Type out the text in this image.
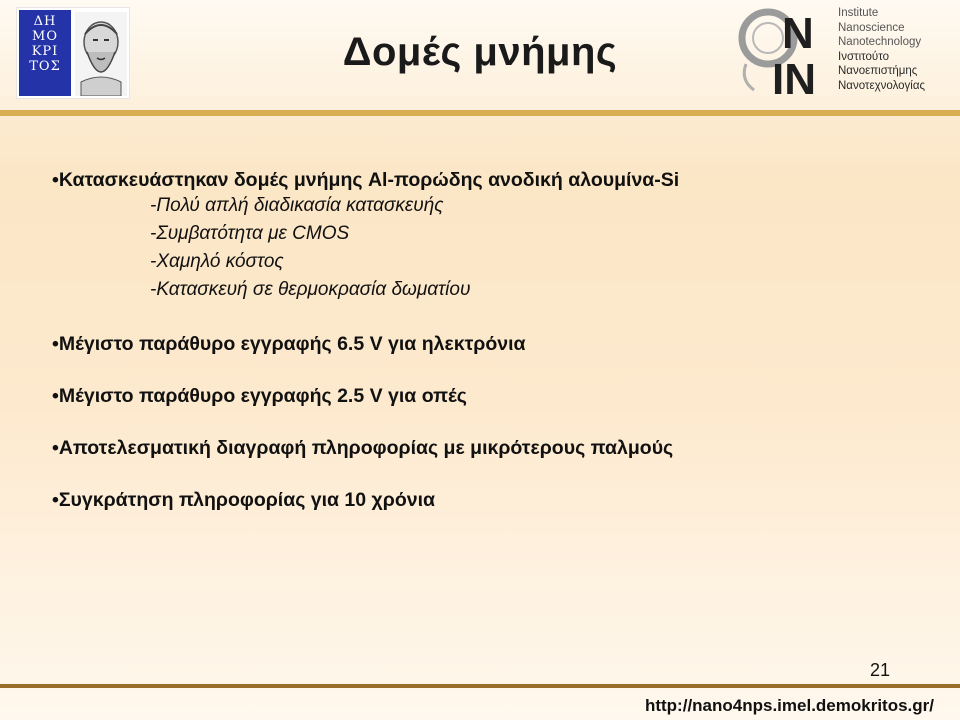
ΔΗ
ΜΟ
ΚΡΙ
ΤΟΣ	Δομές μνήμης	N
IN
Institute
Nanoscience
Nanotechnology
Ινστιτούτο
Νανοεπιστήμης
Νανοτεχνολογίας
•Κατασκευάστηκαν δομές μνήμης Al-πορώδης ανοδική αλουμίνα-Si
-Πολύ απλή διαδικασία κατασκευής
-Συμβατότητα με CMOS
-Χαμηλό κόστος
-Κατασκευή σε θερμοκρασία δωματίου
•Μέγιστο παράθυρο εγγραφής 6.5 V για ηλεκτρόνια
•Μέγιστο παράθυρο εγγραφής 2.5 V για οπές
•Αποτελεσματική διαγραφή πληροφορίας με μικρότερους παλμούς
•Συγκράτηση πληροφορίας για 10 χρόνια
21
http://nano4nps.imel.demokritos.gr/
